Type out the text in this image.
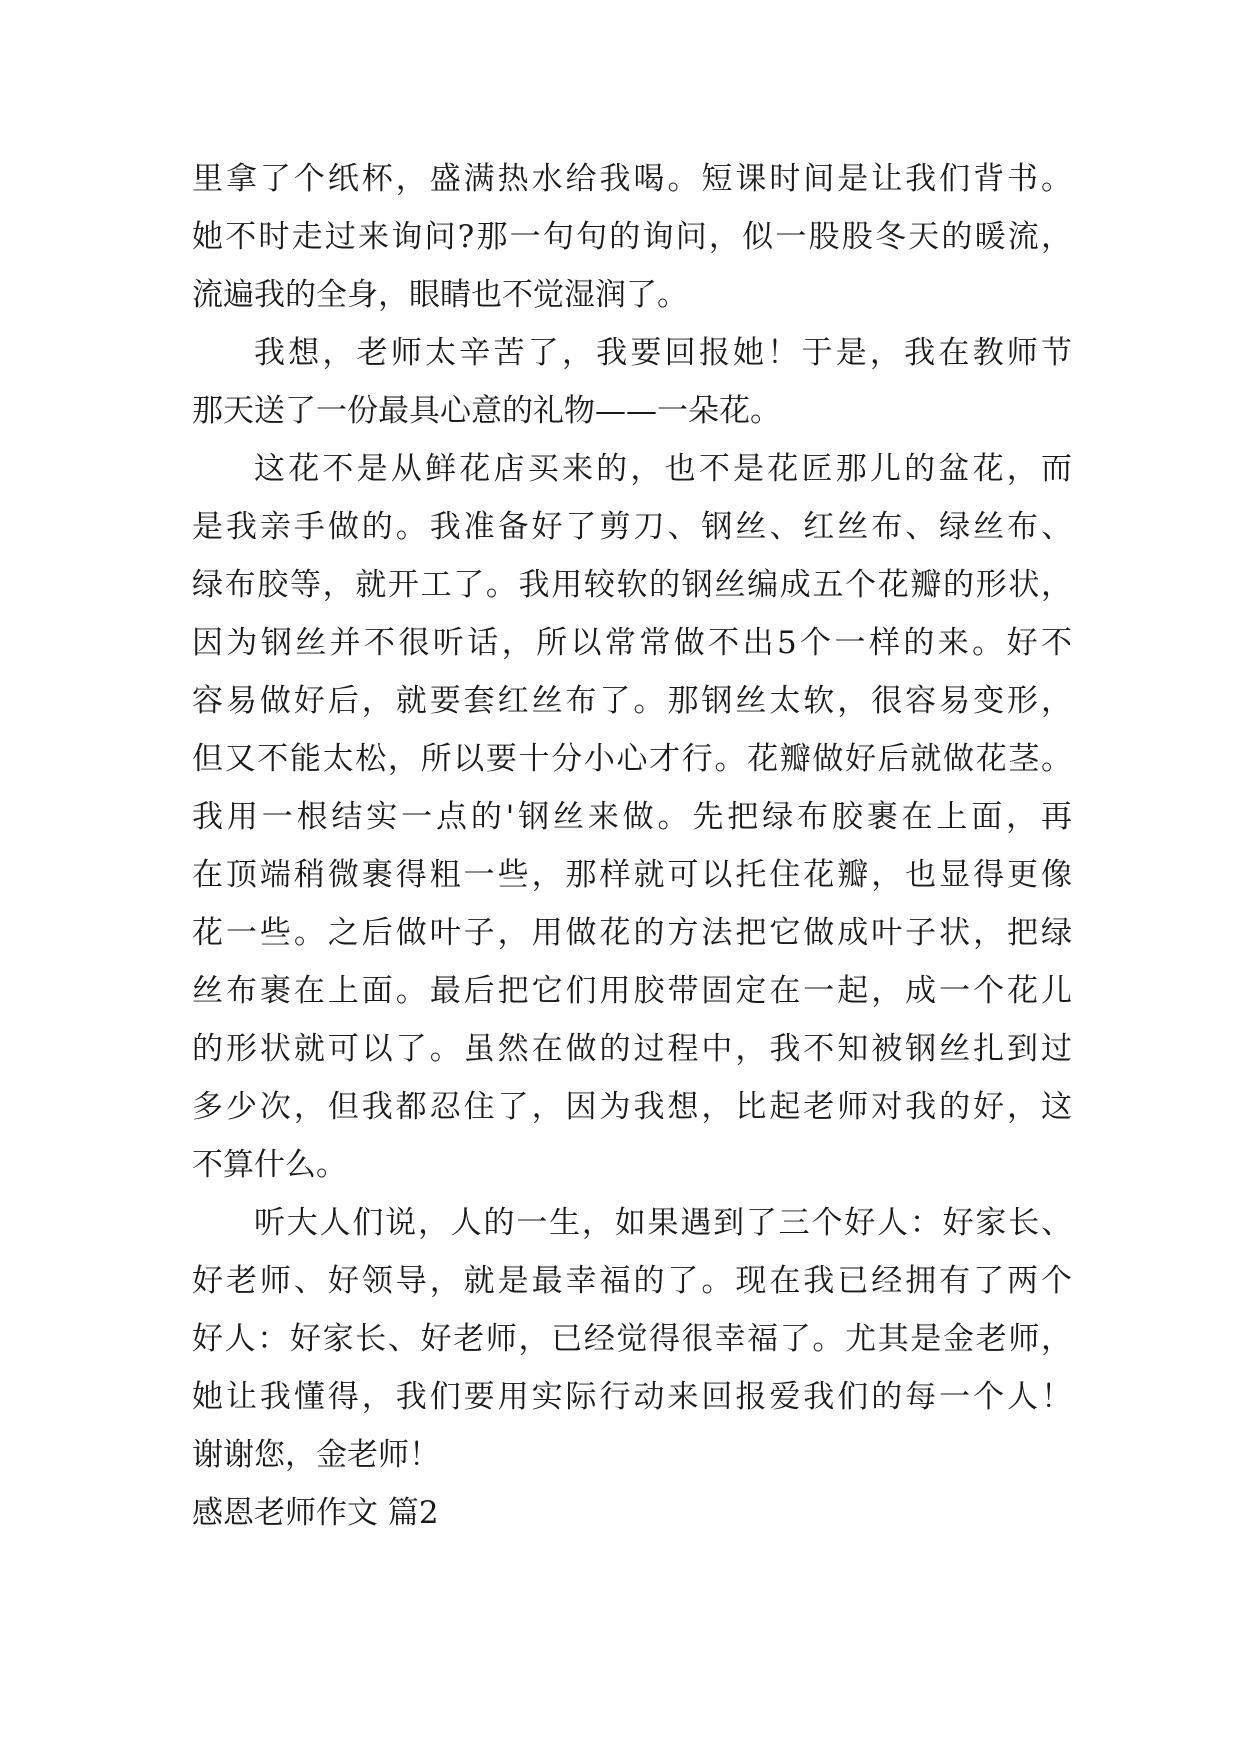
里拿了个纸杯，盛满热水给我喝。短课时间是让我们背书。
她不时走过来询问?那一句句的询问，似一股股冬天的暖流，
流遍我的全身，眼睛也不觉湿润了。
我想，老师太辛苦了，我要回报她！于是，我在教师节
那天送了一份最具心意的礼物——一朵花。
这花不是从鲜花店买来的，也不是花匠那儿的盆花，而
是我亲手做的。我准备好了剪刀、钢丝、红丝布、绿丝布、
绿布胶等，就开工了。我用较软的钢丝编成五个花瓣的形状，
因为钢丝并不很听话，所以常常做不出5个一样的来。好不
容易做好后，就要套红丝布了。那钢丝太软，很容易变形，
但又不能太松，所以要十分小心才行。花瓣做好后就做花茎。
我用一根结实一点的'钢丝来做。先把绿布胶裹在上面，再
在顶端稍微裹得粗一些，那样就可以托住花瓣，也显得更像
花一些。之后做叶子，用做花的方法把它做成叶子状，把绿
丝布裹在上面。最后把它们用胶带固定在一起，成一个花儿
的形状就可以了。虽然在做的过程中，我不知被钢丝扎到过
多少次，但我都忍住了，因为我想，比起老师对我的好，这
不算什么。
听大人们说，人的一生，如果遇到了三个好人：好家长、
好老师、好领导，就是最幸福的了。现在我已经拥有了两个
好人：好家长、好老师，已经觉得很幸福了。尤其是金老师，
她让我懂得，我们要用实际行动来回报爱我们的每一个人！
谢谢您，金老师！
感恩老师作文 篇2
